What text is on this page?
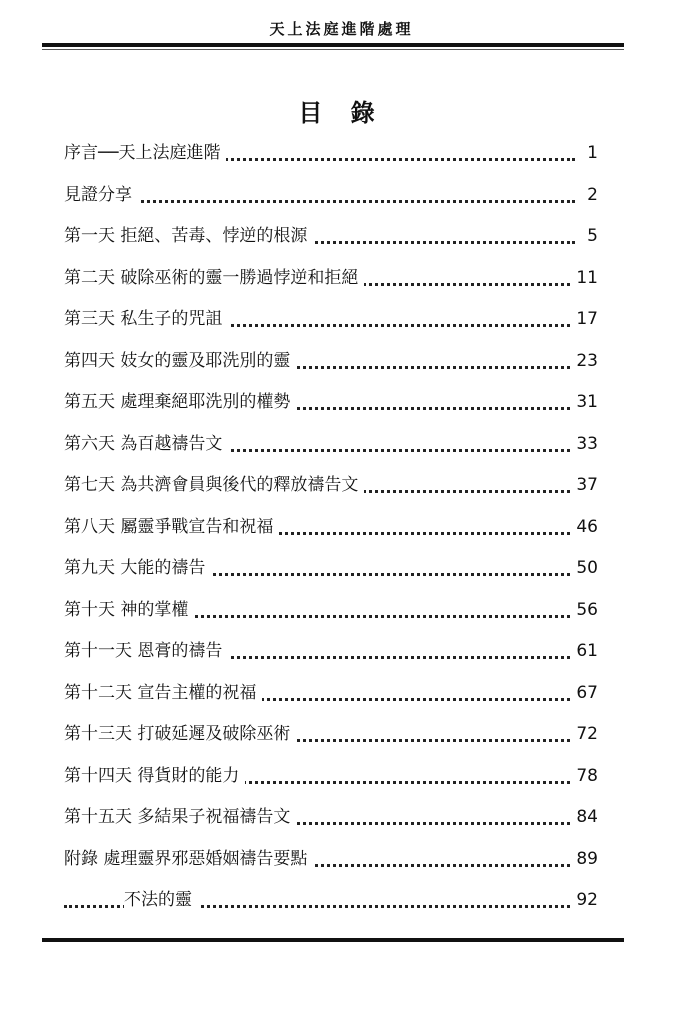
天上法庭進階處理
目 錄
序言──天上法庭進階	1
見證分享	2
第一天 拒絕、苦毒、悖逆的根源	5
第二天 破除巫術的靈一勝過悖逆和拒絕	11
第三天 私生子的咒詛	17
第四天 妓女的靈及耶洗別的靈	23
第五天 處理棄絕耶洗別的權勢	31
第六天 為百越禱告文	33
第七天 為共濟會員與後代的釋放禱告文	37
第八天 屬靈爭戰宣告和祝福	46
第九天 大能的禱告	50
第十天 神的掌權	56
第十一天 恩膏的禱告	61
第十二天 宣告主權的祝福	67
第十三天 打破延遲及破除巫術	72
第十四天 得貨財的能力	78
第十五天 多結果子祝福禱告文	84
附錄 處理靈界邪惡婚姻禱告要點	89
不法的靈	92
